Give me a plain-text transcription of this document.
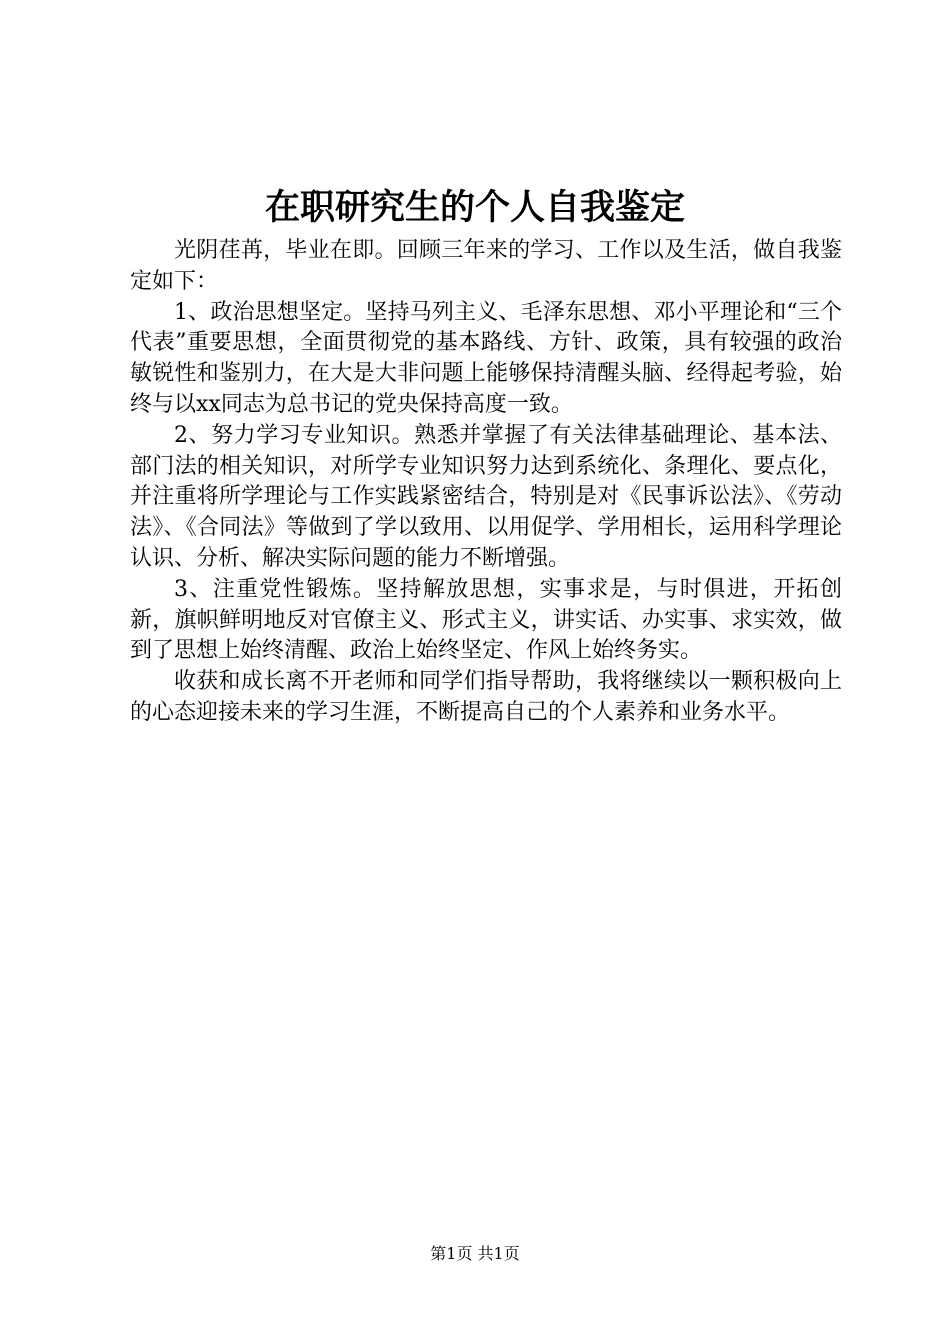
在职研究生的个人自我鉴定

光阴荏苒，毕业在即。回顾三年来的学习、工作以及生活，做自我鉴定如下：

1、政治思想坚定。坚持马列主义、毛泽东思想、邓小平理论和“三个代表”重要思想，全面贯彻党的基本路线、方针、政策，具有较强的政治敏锐性和鉴别力，在大是大非问题上能够保持清醒头脑、经得起考验，始终与以xx同志为总书记的党央保持高度一致。

2、努力学习专业知识。熟悉并掌握了有关法律基础理论、基本法、部门法的相关知识，对所学专业知识努力达到系统化、条理化、要点化，并注重将所学理论与工作实践紧密结合，特别是对《民事诉讼法》、《劳动法》、《合同法》等做到了学以致用、以用促学、学用相长，运用科学理论认识、分析、解决实际问题的能力不断增强。

3、注重党性锻炼。坚持解放思想，实事求是，与时俱进，开拓创新，旗帜鲜明地反对官僚主义、形式主义，讲实话、办实事、求实效，做到了思想上始终清醒、政治上始终坚定、作风上始终务实。

收获和成长离不开老师和同学们指导帮助，我将继续以一颗积极向上的心态迎接未来的学习生涯，不断提高自己的个人素养和业务水平。

第1页 共1页
